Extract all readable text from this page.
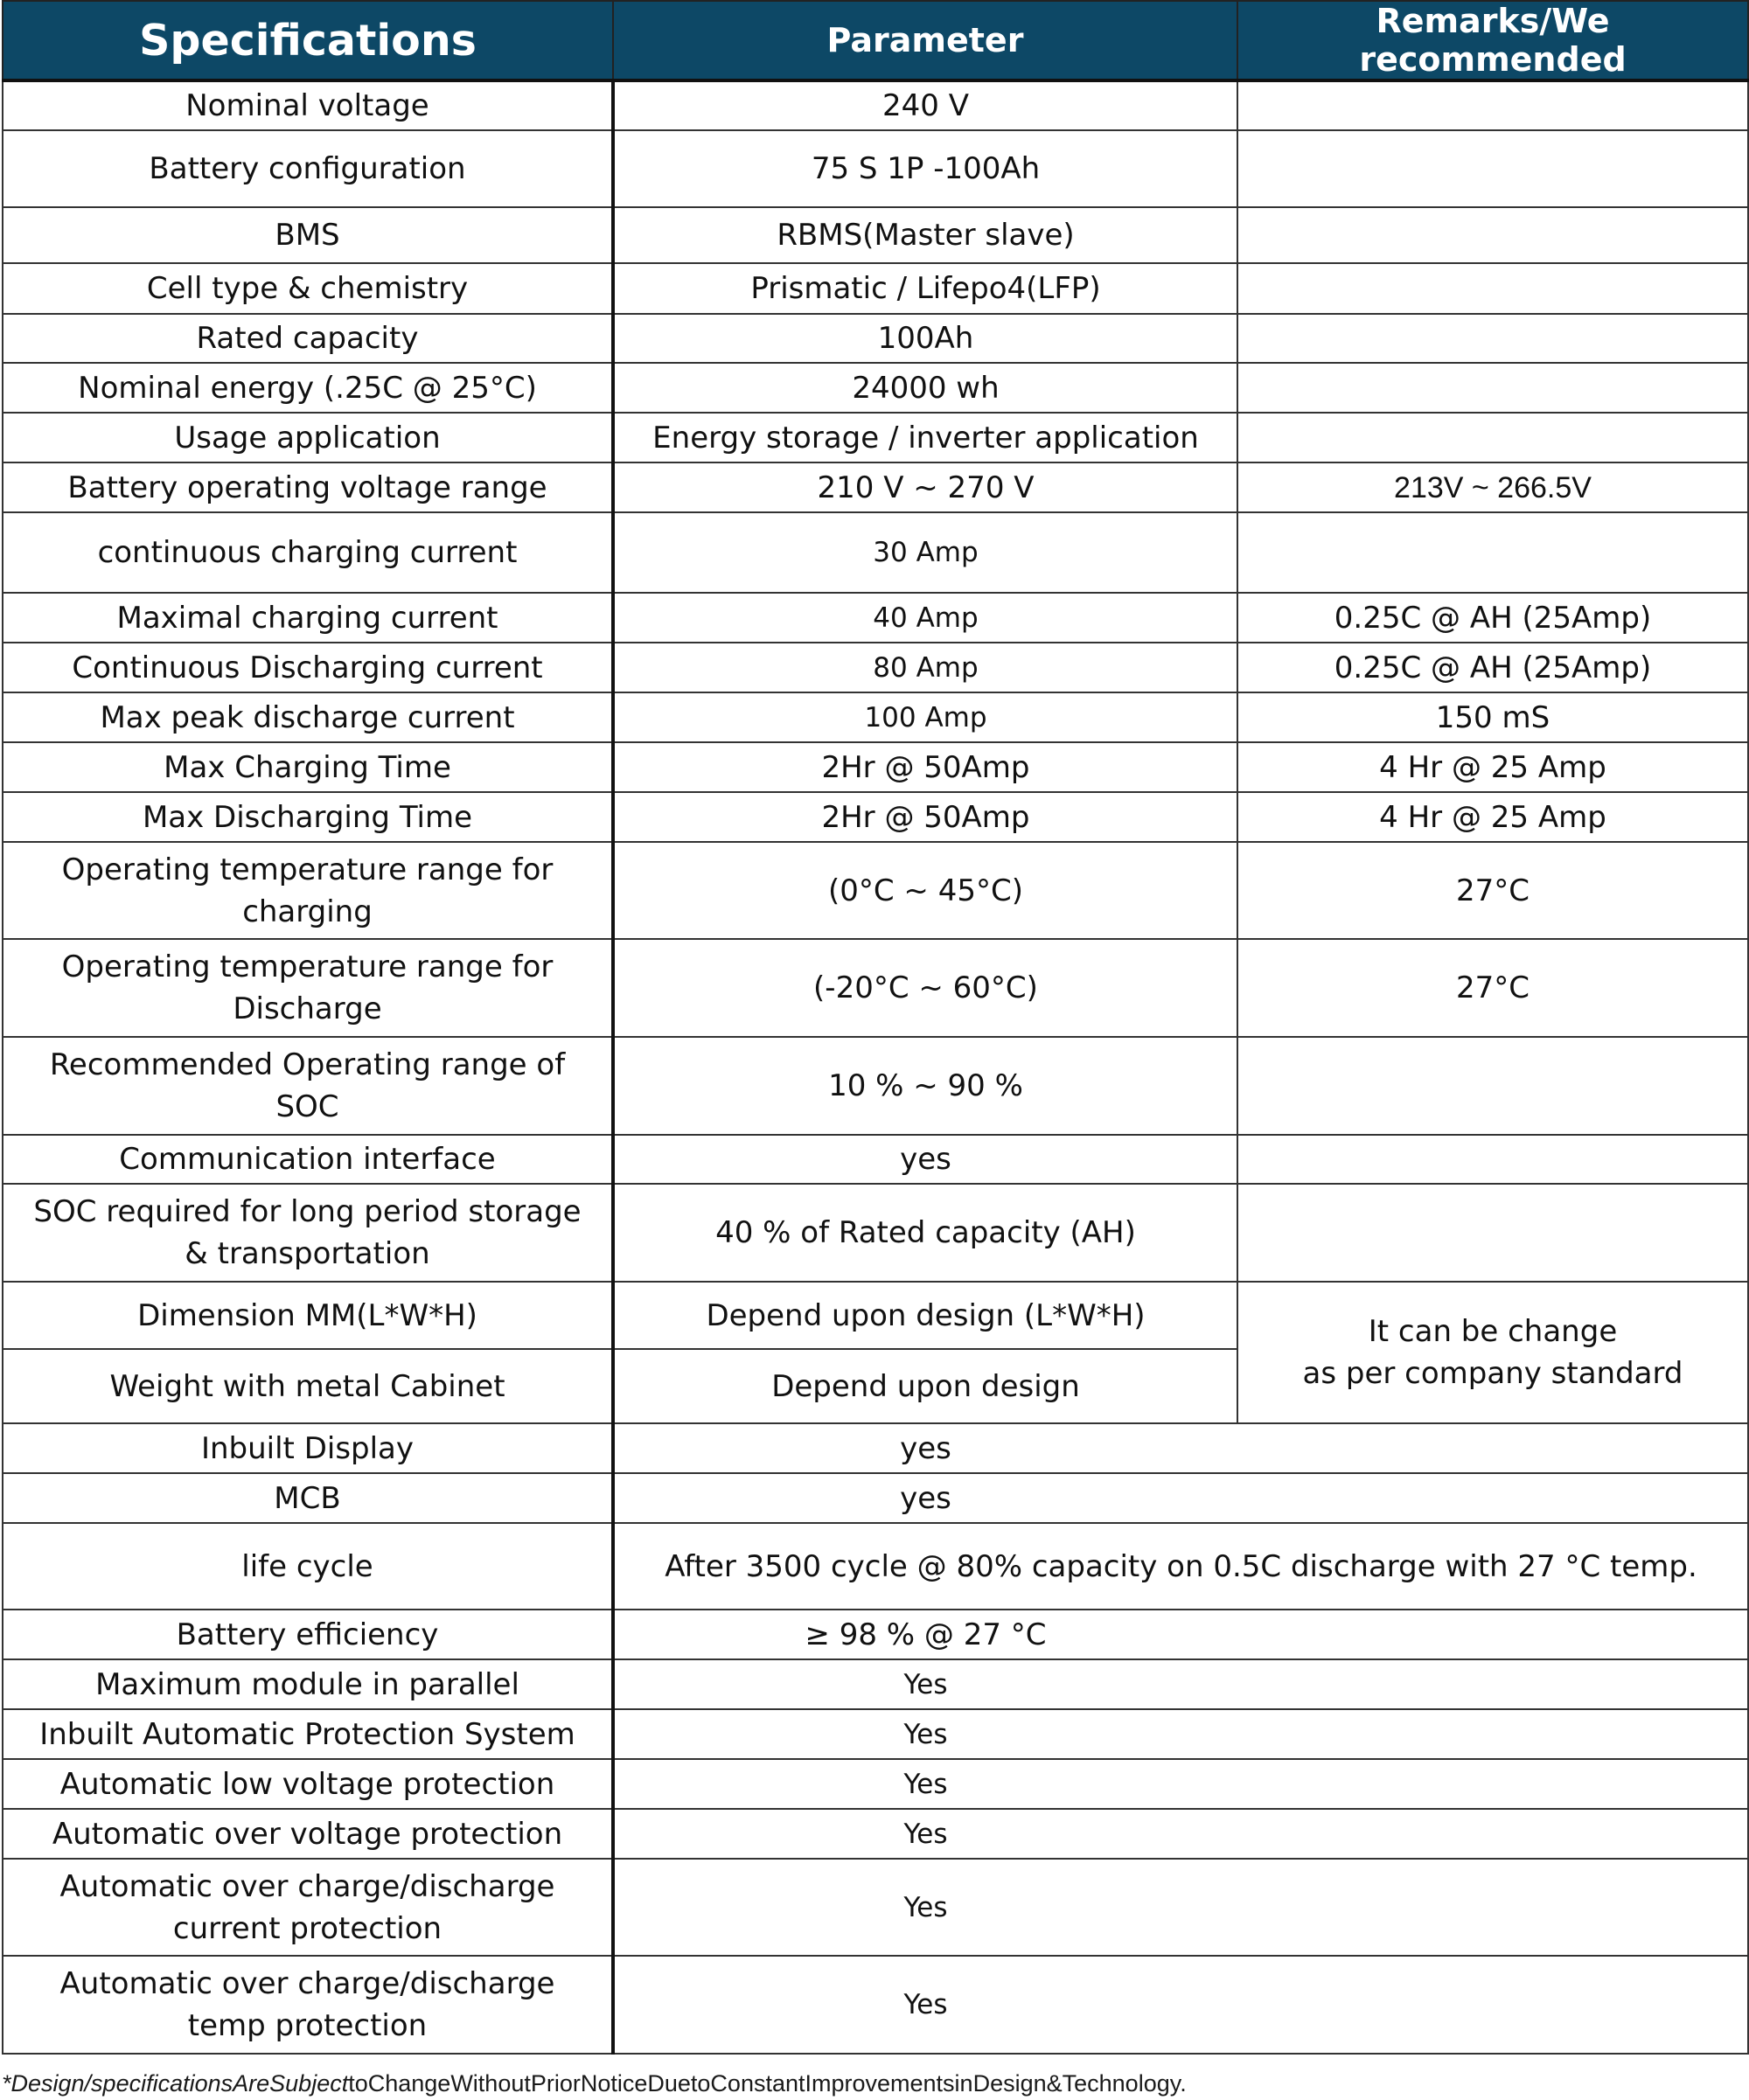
Specifications	Parameter	Remarks/We recommended
Nominal voltage	240 V	
Battery configuration	75 S 1P -100Ah	
BMS	RBMS(Master slave)	
Cell type & chemistry	Prismatic / Lifepo4(LFP)	
Rated capacity	100Ah	
Nominal energy (.25C @ 25°C)	24000 wh	
Usage application	Energy storage / inverter application	
Battery operating voltage range	210 V ~ 270 V	213V ~ 266.5V
continuous charging current	30 Amp	
Maximal charging current	40 Amp	0.25C @ AH (25Amp)
Continuous Discharging current	80 Amp	0.25C @ AH (25Amp)
Max peak discharge current	100 Amp	150 mS
Max Charging Time	2Hr @ 50Amp	4 Hr @ 25 Amp
Max Discharging Time	2Hr @ 50Amp	4 Hr @ 25 Amp

Operating temperature range for
charging	(0°C ~ 45°C)	27°C

Operating temperature range for
Discharge	(-20°C ~ 60°C)	27°C

Recommended Operating range of
SOC	10 % ~ 90 %	
Communication interface	yes	

SOC required for long period storage
& transportation	40 % of Rated capacity (AH)	
Dimension MM(L*W*H)	Depend upon design (L*W*H)	It can be change
as per company standard

Weight with metal Cabinet	Depend upon design	
Inbuilt Display	yes	
MCB	yes	
life cycle	After 3500 cycle @ 80% capacity on 0.5C discharge with 27 °C temp.	
Battery efficiency	≥ 98 % @ 27 °C	
Maximum module in parallel	Yes	
Inbuilt Automatic Protection System	Yes	
Automatic low voltage protection	Yes	
Automatic over voltage protection	Yes	

Automatic over charge/discharge
current protection	Yes	

Automatic over charge/discharge
temp protection	Yes	
*Design/specificationsAreSubjecttoChangeWithoutPriorNoticeDuetoConstantImprovementsinDesign&Technology.
